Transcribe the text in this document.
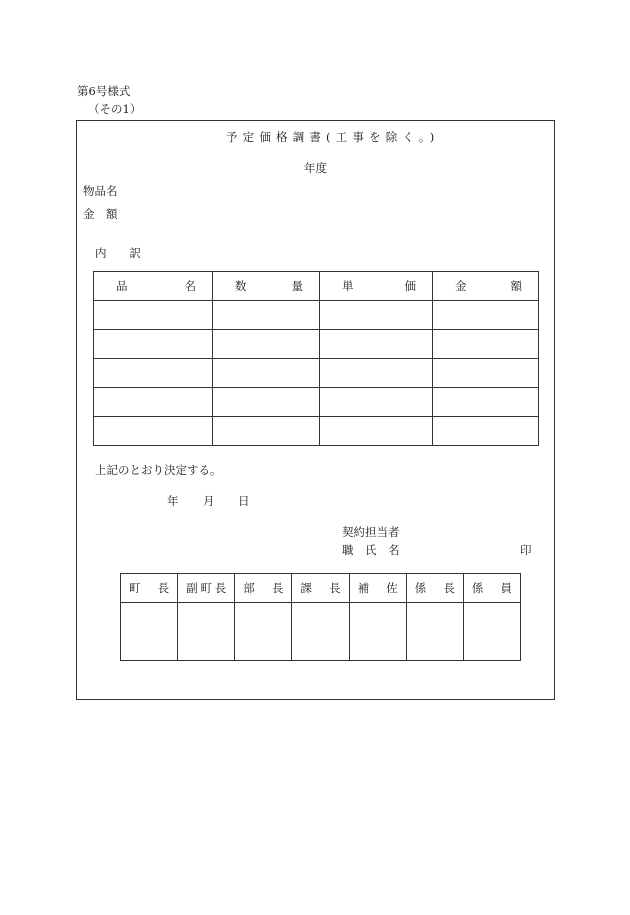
第6号様式
（その1）
予定価格調書(工事を除く。)
年度
物品名
金　額
内　　訳
品 名	数 量	単 価	金 額

上記のとおり決定する。
年 月 日
契約担当者
職　氏　名	印
町 長	副 町 長	部 長	課 長	補 佐	係 長	係 員
